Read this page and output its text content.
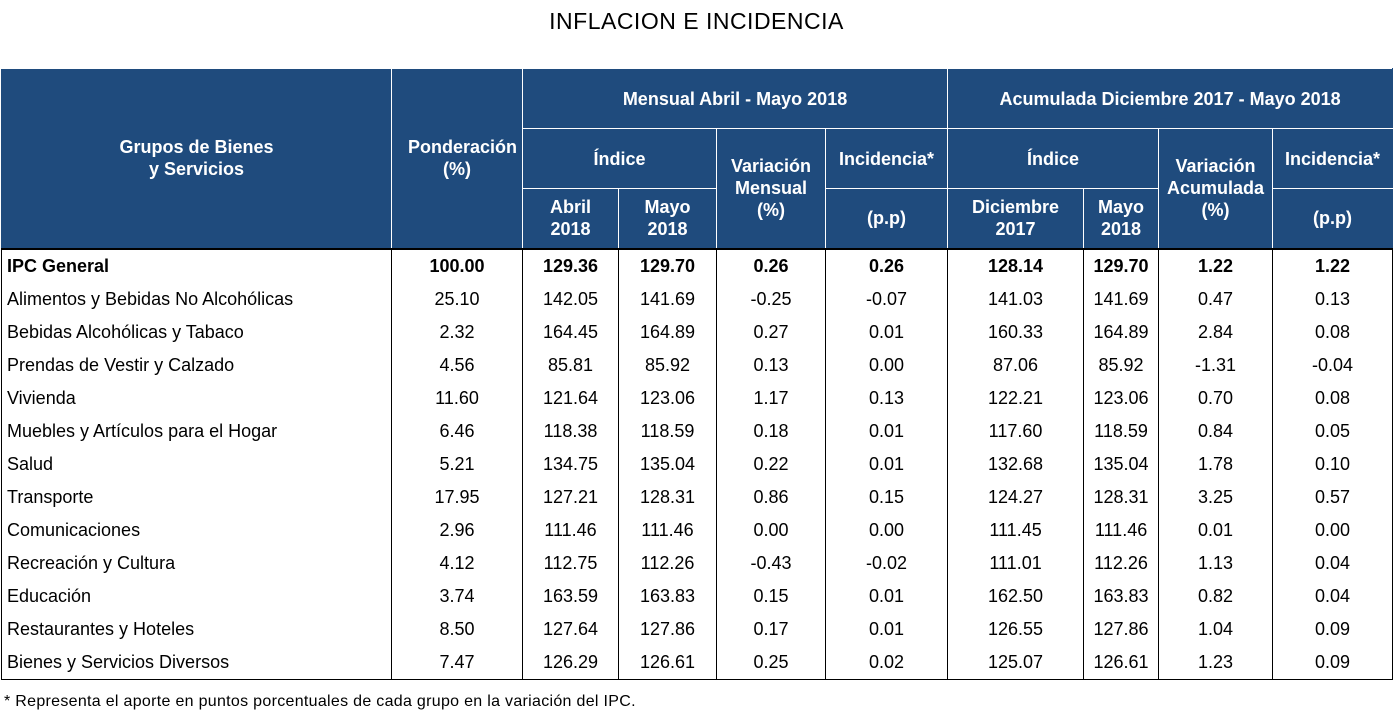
INFLACION E INCIDENCIA
Grupos de Bienes y Servicios	Ponderación (%)	Mensual Abril - Mayo 2018				Acumulada Diciembre 2017 - Mayo 2018			
		Índice		Variación Mensual (%)	Incidencia*	Índice		Variación Acumulada (%)	Incidencia*
		Abril 2018	Mayo 2018		(p.p)	Diciembre 2017	Mayo 2018		(p.p)
IPC General	100.00	129.36	129.70	0.26	0.26	128.14	129.70	1.22	1.22
Alimentos y Bebidas No Alcohólicas	25.10	142.05	141.69	-0.25	-0.07	141.03	141.69	0.47	0.13
Bebidas Alcohólicas y Tabaco	2.32	164.45	164.89	0.27	0.01	160.33	164.89	2.84	0.08
Prendas de Vestir y Calzado	4.56	85.81	85.92	0.13	0.00	87.06	85.92	-1.31	-0.04
Vivienda	11.60	121.64	123.06	1.17	0.13	122.21	123.06	0.70	0.08
Muebles y Artículos para el Hogar	6.46	118.38	118.59	0.18	0.01	117.60	118.59	0.84	0.05
Salud	5.21	134.75	135.04	0.22	0.01	132.68	135.04	1.78	0.10
Transporte	17.95	127.21	128.31	0.86	0.15	124.27	128.31	3.25	0.57
Comunicaciones	2.96	111.46	111.46	0.00	0.00	111.45	111.46	0.01	0.00
Recreación y Cultura	4.12	112.75	112.26	-0.43	-0.02	111.01	112.26	1.13	0.04
Educación	3.74	163.59	163.83	0.15	0.01	162.50	163.83	0.82	0.04
Restaurantes y Hoteles	8.50	127.64	127.86	0.17	0.01	126.55	127.86	1.04	0.09
Bienes y Servicios Diversos	7.47	126.29	126.61	0.25	0.02	125.07	126.61	1.23	0.09
* Representa el aporte en puntos porcentuales de cada grupo en la variación del IPC.
